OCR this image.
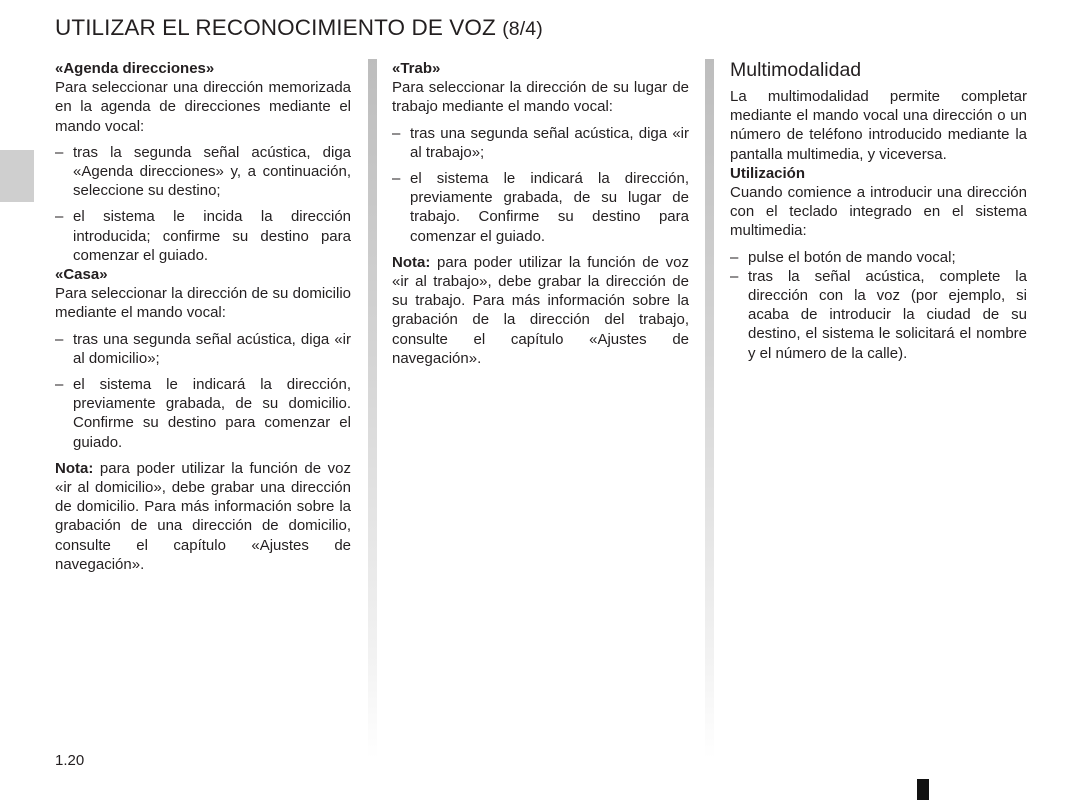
UTILIZAR EL RECONOCIMIENTO DE VOZ (8/4)

«Agenda direcciones»

Para seleccionar una dirección memorizada en la agenda de direcciones mediante el mando vocal:

– tras la segunda señal acústica, diga «Agenda direcciones» y, a continuación, seleccione su destino;
– el sistema le incida la dirección introducida; confirme su destino para comenzar el guiado.

«Casa»

Para seleccionar la dirección de su domicilio mediante el mando vocal:

– tras una segunda señal acústica, diga «ir al domicilio»;
– el sistema le indicará la dirección, previamente grabada, de su domicilio. Confirme su destino para comenzar el guiado.

Nota: para poder utilizar la función de voz «ir al domicilio», debe grabar una dirección de domicilio. Para más información sobre la grabación de una dirección de domicilio, consulte el capítulo «Ajustes de navegación».

«Trab»

Para seleccionar la dirección de su lugar de trabajo mediante el mando vocal:

– tras una segunda señal acústica, diga «ir al trabajo»;
– el sistema le indicará la dirección, previamente grabada, de su lugar de trabajo. Confirme su destino para comenzar el guiado.

Nota: para poder utilizar la función de voz «ir al trabajo», debe grabar la dirección de su trabajo. Para más información sobre la grabación de la dirección del trabajo, consulte el capítulo «Ajustes de navegación».

Multimodalidad

La multimodalidad permite completar mediante el mando vocal una dirección o un número de teléfono introducido mediante la pantalla multimedia, y viceversa.

Utilización

Cuando comience a introducir una dirección con el teclado integrado en el sistema multimedia:

– pulse el botón de mando vocal;
– tras la señal acústica, complete la dirección con la voz (por ejemplo, si acaba de introducir la ciudad de su destino, el sistema le solicitará el nombre y el número de la calle).
1.20
